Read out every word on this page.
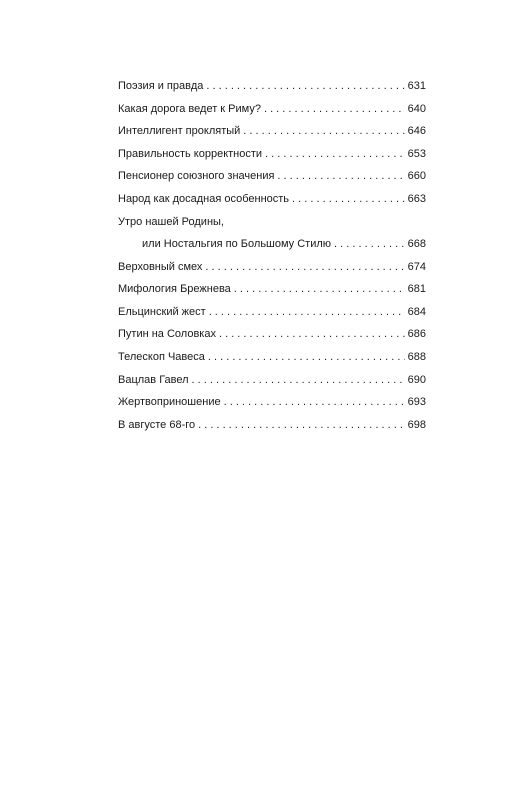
Поэзия и правда . . .	631
Какая дорога ведет к Риму? . . .	640
Интеллигент проклятый . . .	646
Правильность корректности . . .	653
Пенсионер союзного значения . . .	660
Народ как досадная особенность . . .	663
Утро нашей Родины,
или Ностальгия по Большому Стилю . . .	668
Верховный смех . . .	674
Мифология Брежнева . . .	681
Ельцинский жест . . .	684
Путин на Соловках . . .	686
Телескоп Чавеса . . .	688
Вацлав Гавел . . .	690
Жертвоприношение . . .	693
В августе 68-го . . .	698
